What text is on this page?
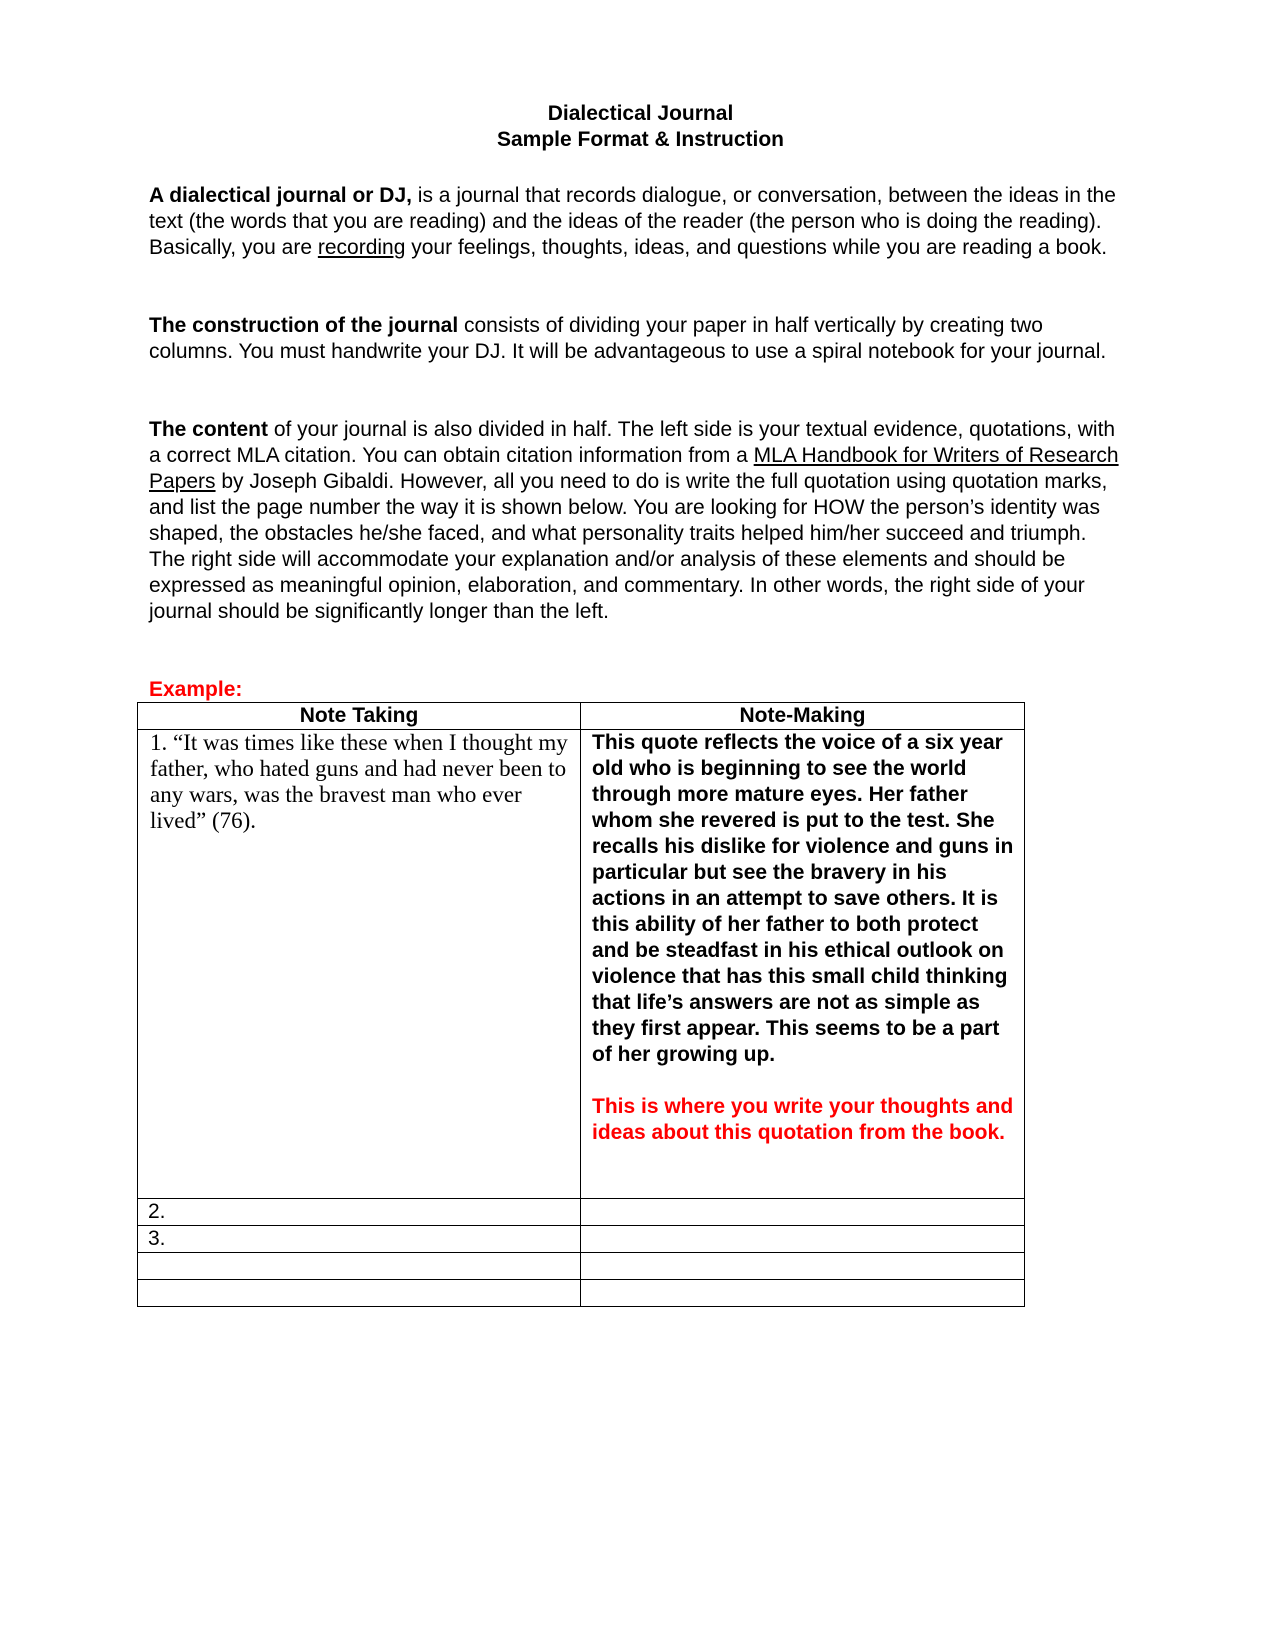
Dialectical Journal
Sample Format & Instruction

A dialectical journal or DJ, is a journal that records dialogue, or conversation, between the ideas in the text (the words that you are reading) and the ideas of the reader (the person who is doing the reading). Basically, you are recording your feelings, thoughts, ideas, and questions while you are reading a book.

The construction of the journal consists of dividing your paper in half vertically by creating two columns. You must handwrite your DJ. It will be advantageous to use a spiral notebook for your journal.

The content of your journal is also divided in half. The left side is your textual evidence, quotations, with a correct MLA citation. You can obtain citation information from a MLA Handbook for Writers of Research Papers by Joseph Gibaldi. However, all you need to do is write the full quotation using quotation marks, and list the page number the way it is shown below. You are looking for HOW the person’s identity was shaped, the obstacles he/she faced, and what personality traits helped him/her succeed and triumph. The right side will accommodate your explanation and/or analysis of these elements and should be expressed as meaningful opinion, elaboration, and commentary. In other words, the right side of your journal should be significantly longer than the left.

Example:
Note Taking	Note-Making
1. “It was times like these when I thought my father, who hated guns and had never been to any wars, was the bravest man who ever lived” (76).	This quote reflects the voice of a six year old who is beginning to see the world through more mature eyes. Her father whom she revered is put to the test. She recalls his dislike for violence and guns in particular but see the bravery in his actions in an attempt to save others. It is this ability of her father to both protect and be steadfast in his ethical outlook on violence that has this small child thinking that life’s answers are not as simple as they first appear. This seems to be a part of her growing up.
This is where you write your thoughts and ideas about this quotation from the book.

2.	
3.	
